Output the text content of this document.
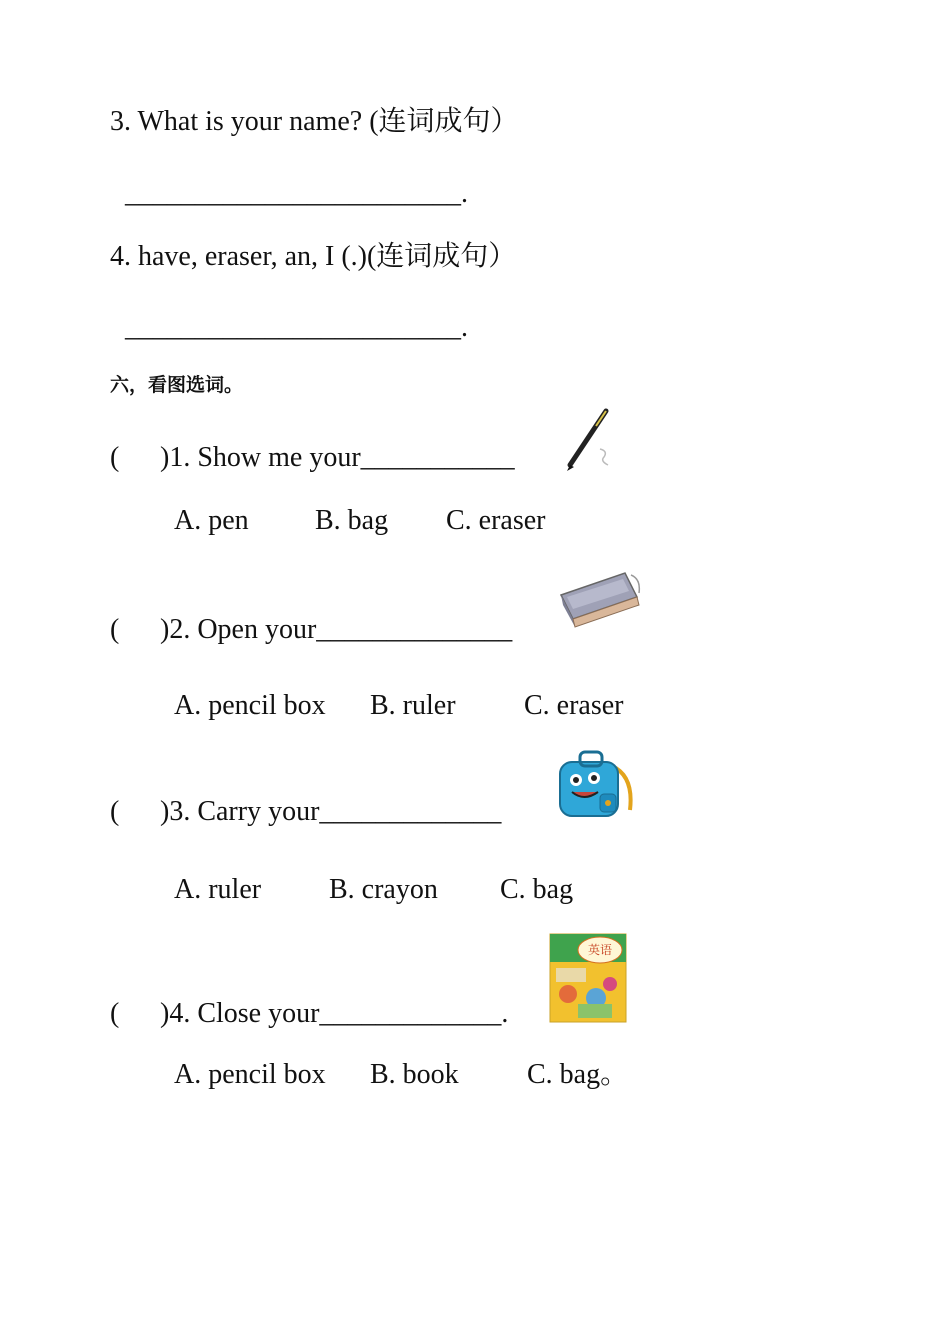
3. What is your name? (连词成句）
________________________.
4. have, eraser, an, I (.)(连词成句）
________________________.
六，看图选词。
( )1. Show me your___________
A. pen B. bag C. eraser
( )2. Open your______________
A. pencil box B. ruler C. eraser
( )3. Carry your_____________
A. ruler B. crayon C. bag
( )4. Close your_____________.
英语
A. pencil box B. book C. bag。
